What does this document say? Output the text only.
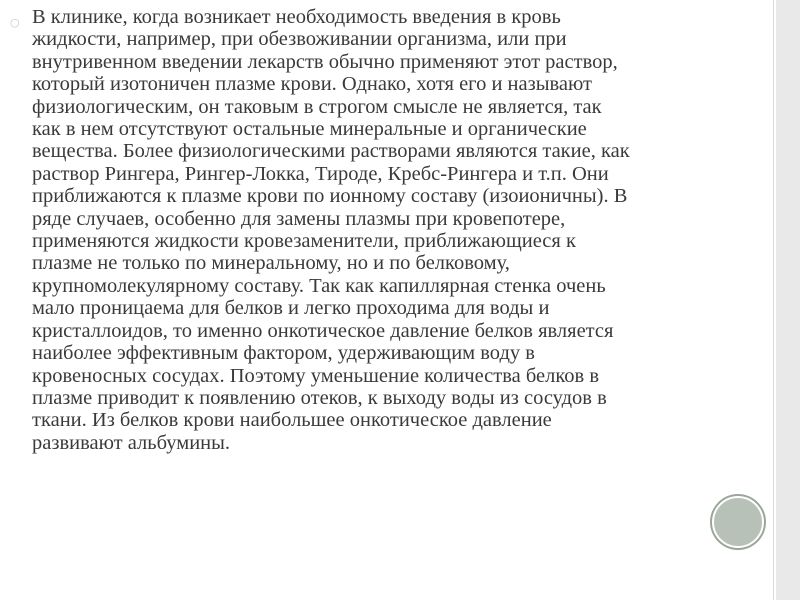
○ В клинике, когда возникает необходимость введения в кровь
жидкости, например, при обезвоживании организма, или при
внутривенном введении лекарств обычно применяют этот раствор,
который изотоничен плазме крови. Однако, хотя его и называют
физиологическим, он таковым в строгом смысле не является, так
как в нем отсутствуют остальные минеральные и органические
вещества. Более физиологическими растворами являются такие, как
раствор Рингера, Рингер-Локка, Тироде, Кребс-Рингера и т.п. Они
приближаются к плазме крови по ионному составу (изоионичны). В
ряде случаев, особенно для замены плазмы при кровепотере,
применяются жидкости кровезаменители, приближающиеся к
плазме не только по минеральному, но и по белковому,
крупномолекулярному составу. Так как капиллярная стенка очень
мало проницаема для белков и легко проходима для воды и
кристаллоидов, то именно онкотическое давление белков является
наиболее эффективным фактором, удерживающим воду в
кровеносных сосудах. Поэтому уменьшение количества белков в
плазме приводит к появлению отеков, к выходу воды из сосудов в
ткани. Из белков крови наибольшее онкотическое давление
развивают альбумины.
